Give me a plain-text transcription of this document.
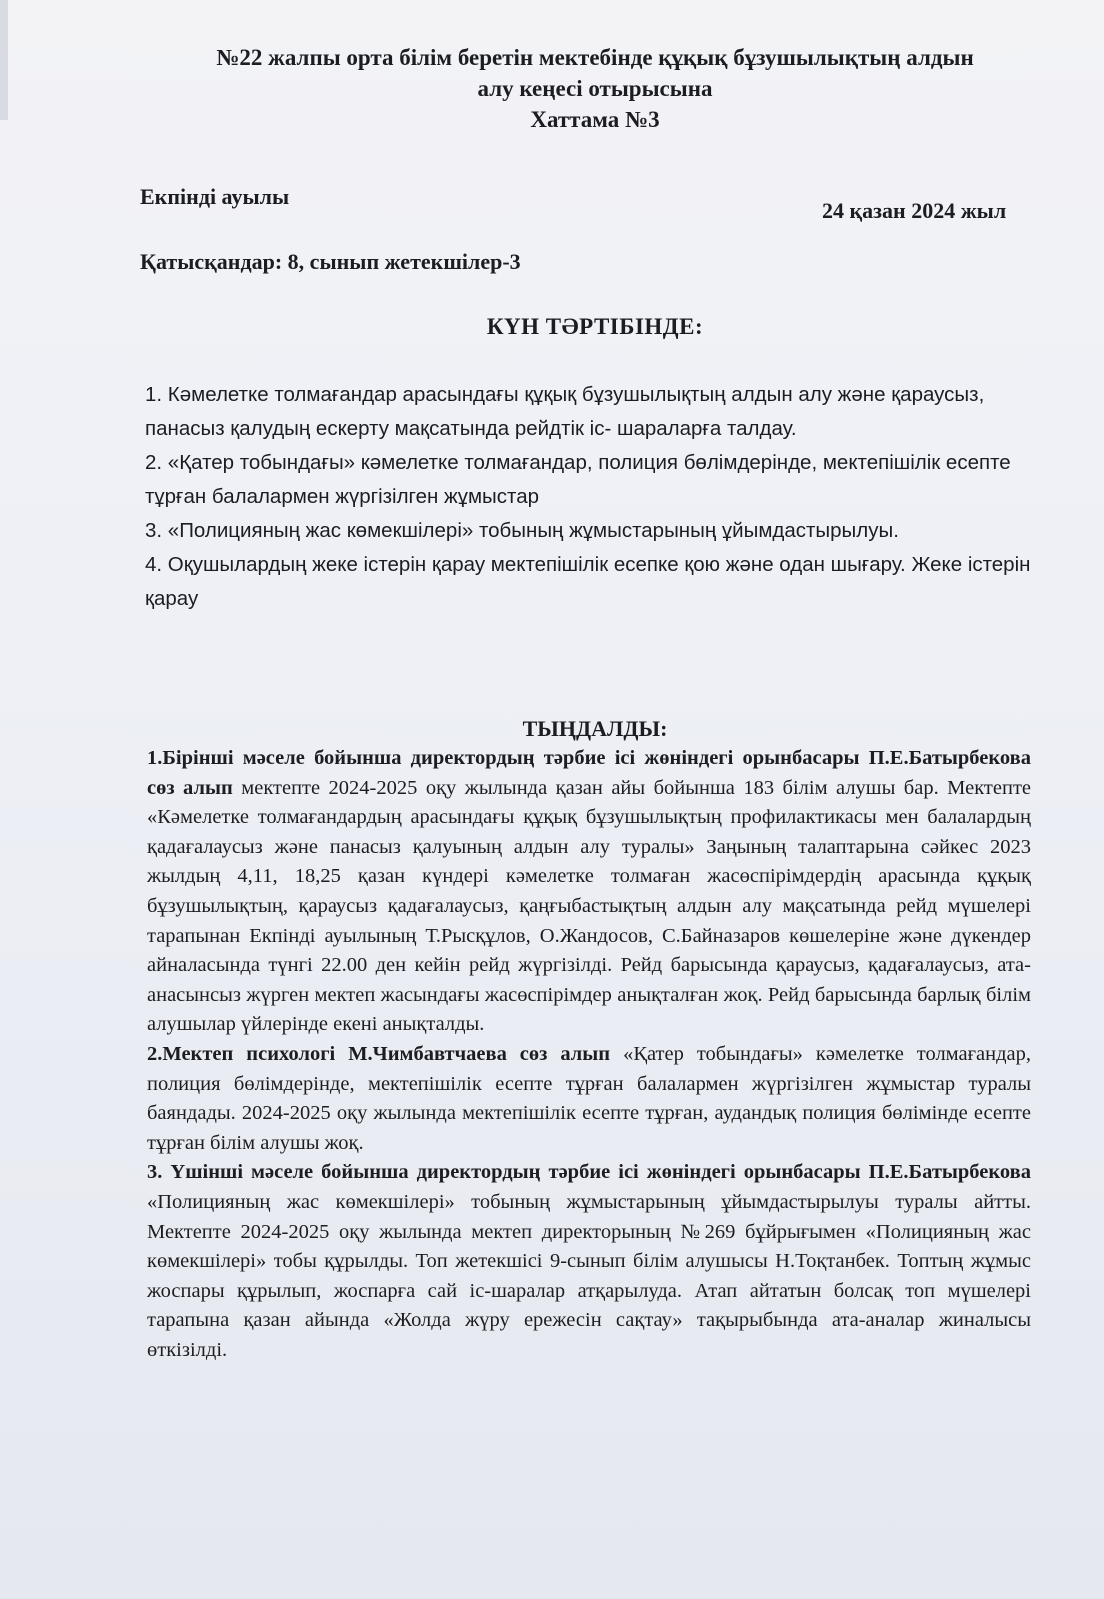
№22 жалпы орта білім беретін мектебінде құқық бұзушылықтың алдын
алу кеңесі отырысына
Хаттама №3
Екпінді ауылы
24 қазан 2024 жыл
Қатысқандар: 8, сынып жетекшілер-3
КҮН ТӘРТІБІНДЕ:

1. Кәмелетке толмағандар арасындағы құқық бұзушылықтың алдын алу және қараусыз, панасыз қалудың ескерту мақсатында рейдтік іс- шараларға талдау.

2. «Қатер тобындағы» кәмелетке толмағандар, полиция бөлімдерінде, мектепішілік есепте тұрған балалармен жүргізілген жұмыстар

3. «Полицияның жас көмекшілері» тобының жұмыстарының ұйымдастырылуы.

4. Оқушылардың жеке істерін қарау мектепішілік есепке қою және одан шығару. Жеке істерін қарау

ТЫҢДАЛДЫ:

1.Бірінші мәселе бойынша директордың тәрбие ісі жөніндегі орынбасары П.Е.Батырбекова сөз алып мектепте 2024-2025 оқу жылында қазан айы бойынша 183 білім алушы бар. Мектепте «Кәмелетке толмағандардың арасындағы құқық бұзушылықтың профилактикасы мен балалардың қадағалаусыз және панасыз қалуының алдын алу туралы» Заңының талаптарына сәйкес 2023 жылдың 4,11, 18,25 қазан күндері кәмелетке толмаған жасөспірімдердің арасында құқық бұзушылықтың, қараусыз қадағалаусыз, қаңғыбастықтың алдын алу мақсатында рейд мүшелері тарапынан Екпінді ауылының Т.Рысқұлов, О.Жандосов, С.Байназаров көшелеріне және дүкендер айналасында түнгі 22.00 ден кейін рейд жүргізілді. Рейд барысында қараусыз, қадағалаусыз, ата-анасынсыз жүрген мектеп жасындағы жасөспірімдер анықталған жоқ. Рейд барысында барлық білім алушылар үйлерінде екені анықталды.

2.Мектеп психологі М.Чимбавтчаева сөз алып «Қатер тобындағы» кәмелетке толмағандар, полиция бөлімдерінде, мектепішілік есепте тұрған балалармен жүргізілген жұмыстар туралы баяндады. 2024-2025 оқу жылында мектепішілік есепте тұрған, аудандық полиция бөлімінде есепте тұрған білім алушы жоқ.

3. Үшінші мәселе бойынша директордың тәрбие ісі жөніндегі орынбасары П.Е.Батырбекова «Полицияның жас көмекшілері» тобының жұмыстарының ұйымдастырылуы туралы айтты. Мектепте 2024-2025 оқу жылында мектеп директорының №269 бұйрығымен «Полицияның жас көмекшілері» тобы құрылды. Топ жетекшісі 9-сынып білім алушысы Н.Тоқтанбек. Топтың жұмыс жоспары құрылып, жоспарға сай іс-шаралар атқарылуда. Атап айтатын болсақ топ мүшелері тарапына қазан айында «Жолда жүру ережесін сақтау» тақырыбында ата-аналар жиналысы өткізілді.
